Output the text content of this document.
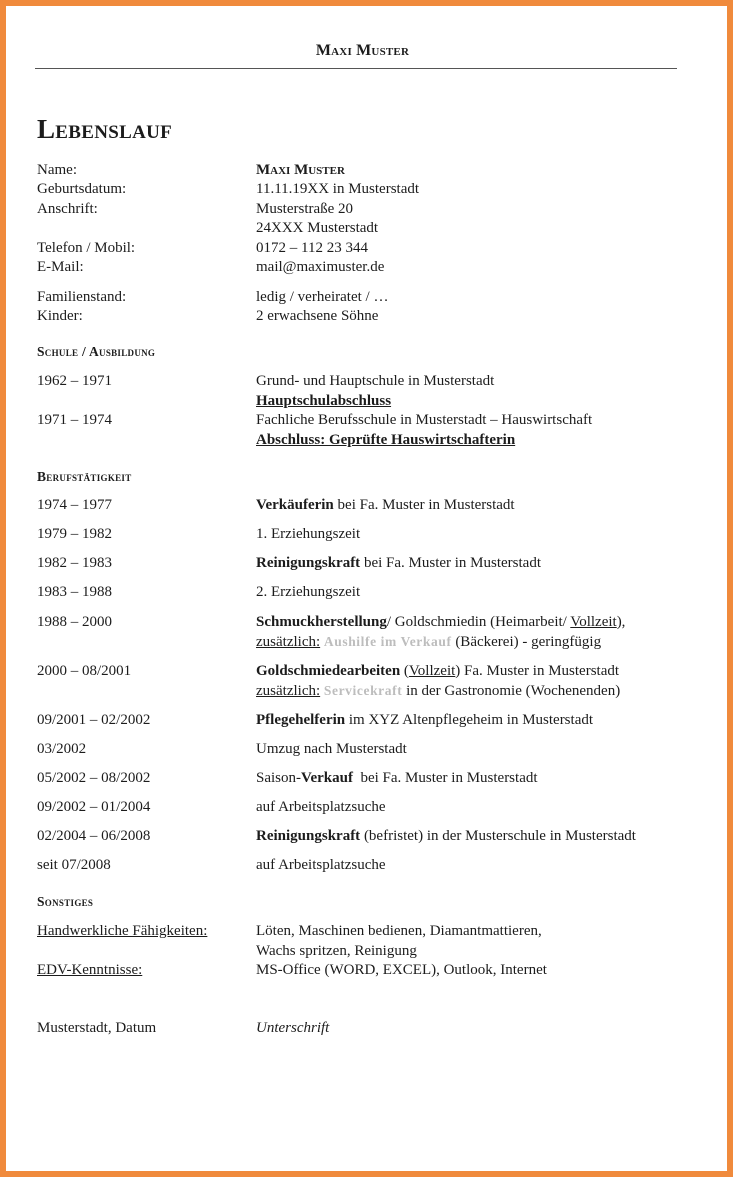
Maxi Muster
Lebenslauf
Name:	Maxi Muster
Geburtsdatum:	11.11.19XX in Musterstadt
Anschrift:	Musterstraße 20
24XXX Musterstadt
Telefon / Mobil:	0172 – 112 23 344
E-Mail:	mail@maximuster.de
Familienstand:	ledig / verheiratet / …
Kinder:	2 erwachsene Söhne
Schule / Ausbildung
1962 – 1971	Grund- und Hauptschule in Musterstadt
Hauptschulabschluss
1971 – 1974	Fachliche Berufsschule in Musterstadt – Hauswirtschaft
Abschluss: Geprüfte Hauswirtschafterin
Berufstätigkeit
1974 – 1977	Verkäuferin bei Fa. Muster in Musterstadt
1979 – 1982	1. Erziehungszeit
1982 – 1983	Reinigungskraft bei Fa. Muster in Musterstadt
1983 – 1988	2. Erziehungszeit
1988 – 2000	Schmuckherstellung/ Goldschmiedin (Heimarbeit/ Vollzeit),
zusätzlich: Aushilfe im Verkauf (Bäckerei) - geringfügig
2000 – 08/2001	Goldschmiedearbeiten (Vollzeit) Fa. Muster in Musterstadt
zusätzlich: Servicekraft in der Gastronomie (Wochenenden)
09/2001 – 02/2002	Pflegehelferin im XYZ Altenpflegeheim in Musterstadt
03/2002	Umzug nach Musterstadt
05/2002 – 08/2002	Saison-Verkauf  bei Fa. Muster in Musterstadt
09/2002 – 01/2004	auf Arbeitsplatzsuche
02/2004 – 06/2008	Reinigungskraft (befristet) in der Musterschule in Musterstadt
seit 07/2008	auf Arbeitsplatzsuche
Sonstiges
Handwerkliche Fähigkeiten:	Löten, Maschinen bedienen, Diamantmattieren,
Wachs spritzen, Reinigung
EDV-Kenntnisse:	MS-Office (WORD, EXCEL), Outlook, Internet
Musterstadt, Datum	Unterschrift
